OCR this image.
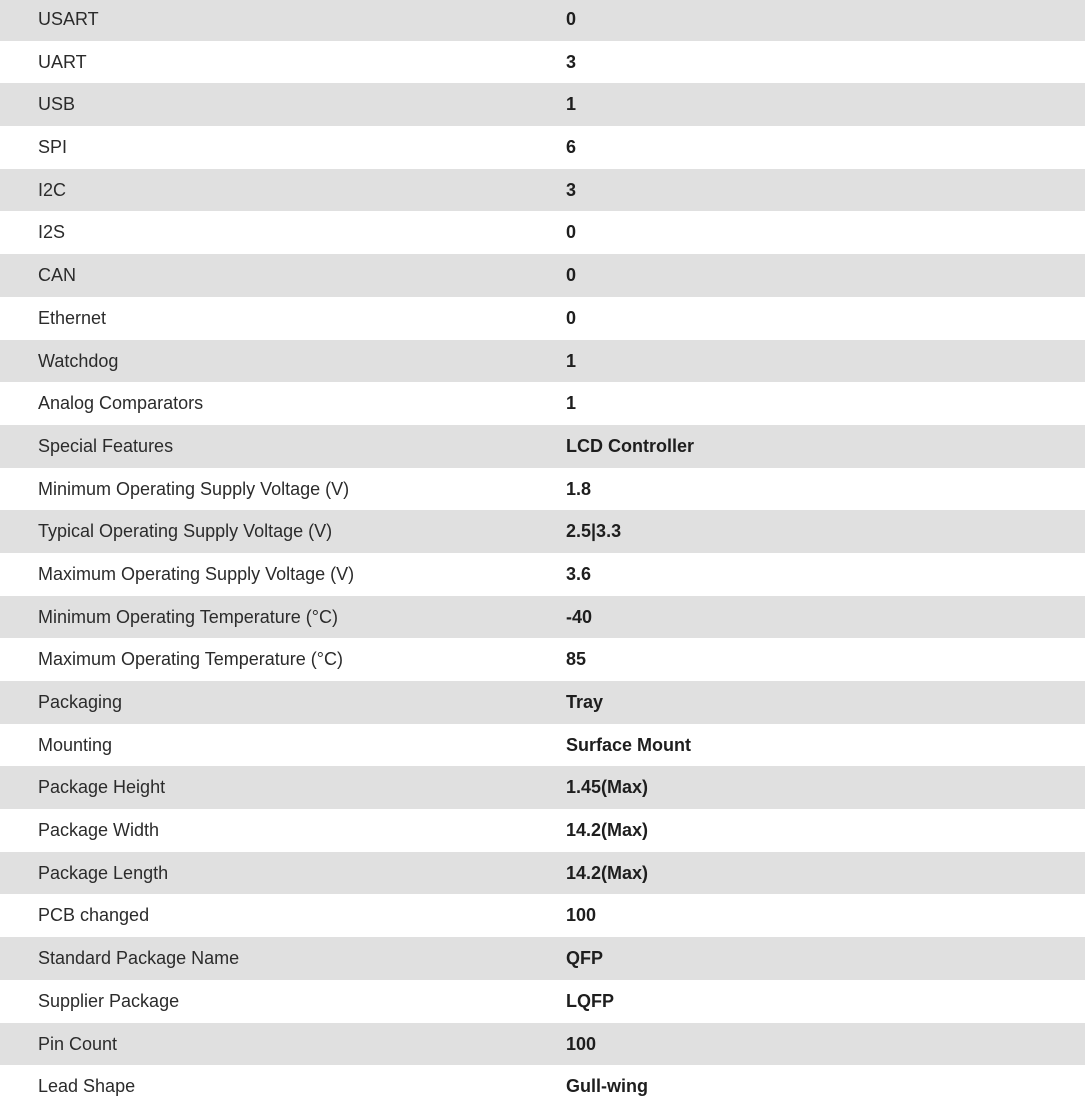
USART	0
UART	3
USB	1
SPI	6
I2C	3
I2S	0
CAN	0
Ethernet	0
Watchdog	1
Analog Comparators	1
Special Features	LCD Controller
Minimum Operating Supply Voltage (V)	1.8
Typical Operating Supply Voltage (V)	2.5|3.3
Maximum Operating Supply Voltage (V)	3.6
Minimum Operating Temperature (°C)	-40
Maximum Operating Temperature (°C)	85
Packaging	Tray
Mounting	Surface Mount
Package Height	1.45(Max)
Package Width	14.2(Max)
Package Length	14.2(Max)
PCB changed	100
Standard Package Name	QFP
Supplier Package	LQFP
Pin Count	100
Lead Shape	Gull-wing
